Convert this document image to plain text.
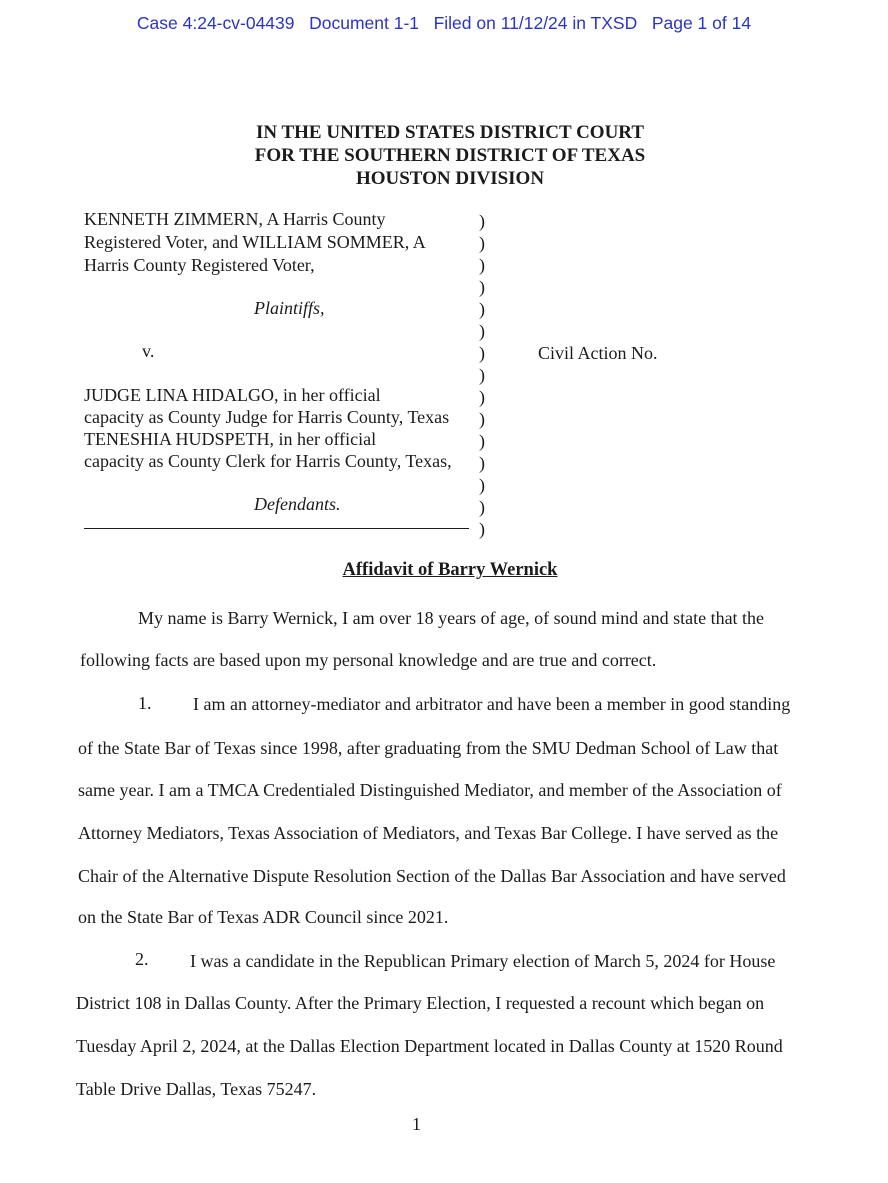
Case 4:24-cv-04439   Document 1-1   Filed on 11/12/24 in TXSD   Page 1 of 14
IN THE UNITED STATES DISTRICT COURT
FOR THE SOUTHERN DISTRICT OF TEXAS
HOUSTON DIVISION
KENNETH ZIMMERN, A Harris County
Registered Voter, and WILLIAM SOMMER, A
Harris County Registered Voter,
Plaintiffs,
v.
JUDGE LINA HIDALGO, in her official
capacity as County Judge for Harris County, Texas
TENESHIA HUDSPETH, in her official
capacity as County Clerk for Harris County, Texas,
Defendants.
)
)
)
)
)
)
)
)
)
)
)
)
)
)
)
Civil Action No.
Affidavit of Barry Wernick
My name is Barry Wernick, I am over 18 years of age, of sound mind and state that the
following facts are based upon my personal knowledge and are true and correct.
1. I am an attorney-mediator and arbitrator and have been a member in good standing
of the State Bar of Texas since 1998, after graduating from the SMU Dedman School of Law that
same year. I am a TMCA Credentialed Distinguished Mediator, and member of the Association of
Attorney Mediators, Texas Association of Mediators, and Texas Bar College. I have served as the
Chair of the Alternative Dispute Resolution Section of the Dallas Bar Association and have served
on the State Bar of Texas ADR Council since 2021.
2. I was a candidate in the Republican Primary election of March 5, 2024 for House
District 108 in Dallas County. After the Primary Election, I requested a recount which began on
Tuesday April 2, 2024, at the Dallas Election Department located in Dallas County at 1520 Round
Table Drive Dallas, Texas 75247.
1
